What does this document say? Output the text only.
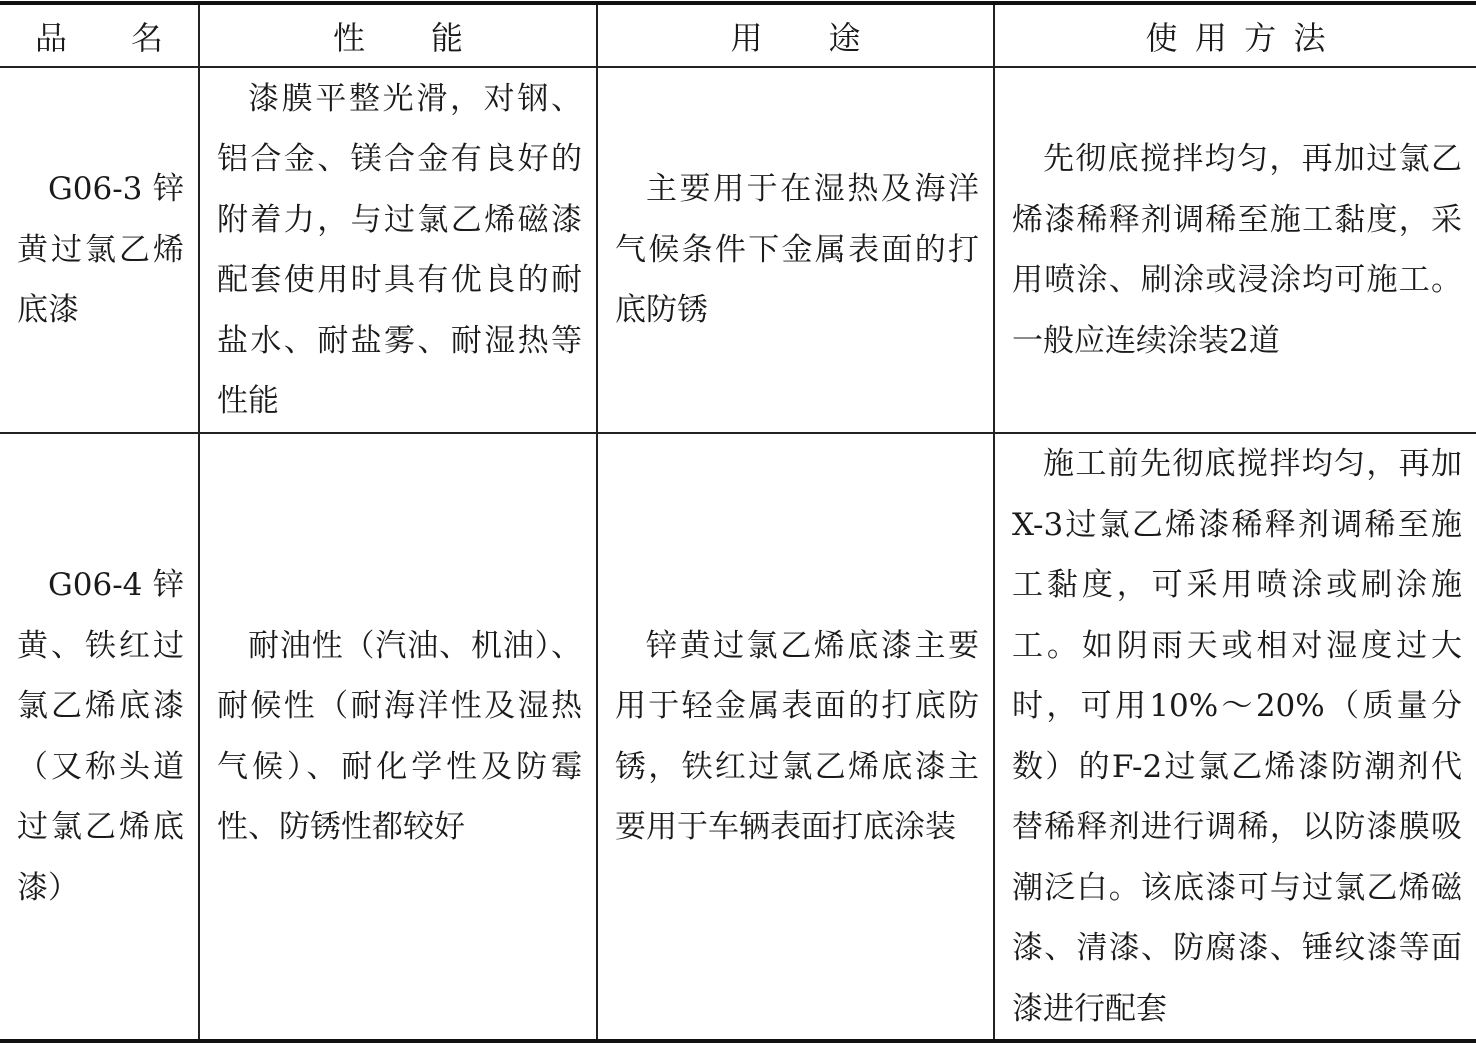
品　　名	性　　能	用　　途	使 用 方 法

G06-3 锌黄过氯乙烯底漆	漆膜平整光滑，对钢、铝合金、镁合金有良好的附着力，与过氯乙烯磁漆配套使用时具有优良的耐盐水、耐盐雾、耐湿热等性能	主要用于在湿热及海洋气候条件下金属表面的打底防锈	先彻底搅拌均匀，再加过氯乙烯漆稀释剂调稀至施工黏度，采用喷涂、刷涂或浸涂均可施工。一般应连续涂装2道

G06-4 锌黄、铁红过氯乙烯底漆（又称头道过氯乙烯底漆）	耐油性（汽油、机油）、耐候性（耐海洋性及湿热气候）、耐化学性及防霉性、防锈性都较好	锌黄过氯乙烯底漆主要用于轻金属表面的打底防锈，铁红过氯乙烯底漆主要用于车辆表面打底涂装	施工前先彻底搅拌均匀，再加X-3过氯乙烯漆稀释剂调稀至施工黏度，可采用喷涂或刷涂施工。如阴雨天或相对湿度过大时，可用10%～20%（质量分数）的F-2过氯乙烯漆防潮剂代替稀释剂进行调稀，以防漆膜吸潮泛白。该底漆可与过氯乙烯磁漆、清漆、防腐漆、锤纹漆等面漆进行配套
